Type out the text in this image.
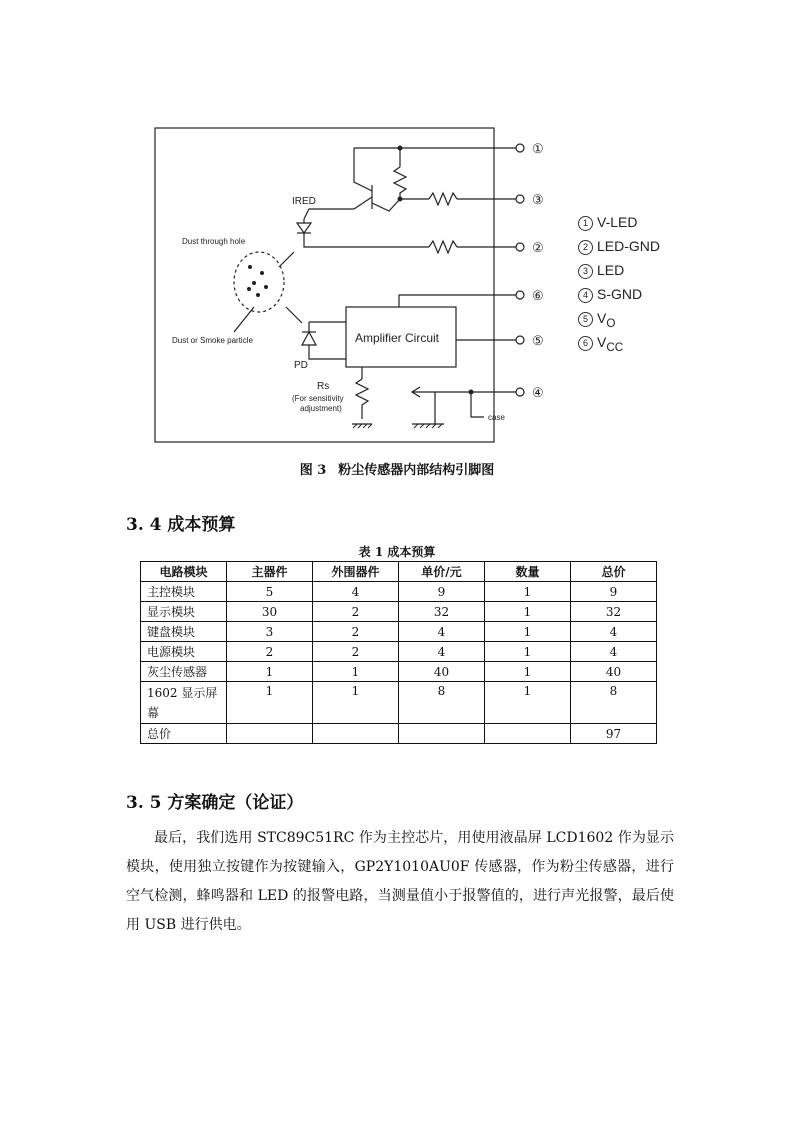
①
③
②
⑥
⑤
④
IRED
Dust through hole
Dust or Smoke particle
PD
Amplifier Circuit
Rs
(For sensitivity
adjustment)
case
1 V-LED
2 LED-GND
3 LED
4 S-GND
5 $V_O$
6 $V_{CC}$
图 3 粉尘传感器内部结构引脚图
3. 4 成本预算
表 1 成本预算
电路模块	主器件	外围器件	单价/元	数量	总价
主控模块	5	4	9	1	9
显示模块	30	2	32	1	32
键盘模块	3	2	4	1	4
电源模块	2	2	4	1	4
灰尘传感器	1	1	40	1	40
1602 显示屏幕	1	1	8	1	8
总价					97
3. 5 方案确定（论证）
最后，我们选用 STC89C51RC 作为主控芯片，用使用液晶屏 LCD1602 作为显示模块，使用独立按键作为按键输入，GP2Y1010AU0F 传感器，作为粉尘传感器，进行空气检测，蜂鸣器和 LED 的报警电路，当测量值小于报警值的，进行声光报警，最后使用 USB 进行供电。
